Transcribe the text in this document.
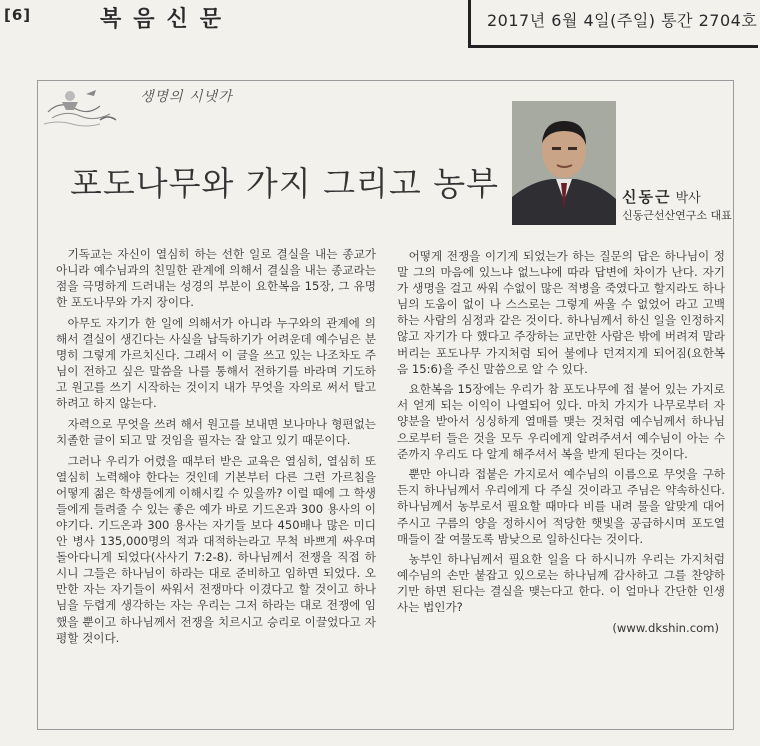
[6]	복음신문	2017년 6월 4일(주일) 통간 2704호
생명의 시냇가
포도나무와 가지 그리고 농부	신동근 박사
신동근선산연구소 대표

기독교는 자신이 열심히 하는 선한 일로 결실을 내는 종교가 아니라 예수님과의 친밀한 관계에 의해서 결실을 내는 종교라는 점을 극명하게 드러내는 성경의 부분이 요한복음 15장, 그 유명한 포도나무와 가지 장이다.

아무도 자기가 한 일에 의해서가 아니라 누구와의 관계에 의해서 결실이 생긴다는 사실을 납득하기가 어려운데 예수님은 분명히 그렇게 가르치신다. 그래서 이 글을 쓰고 있는 나조차도 주님이 전하고 싶은 말씀을 나를 통해서 전하기를 바라며 기도하고 원고를 쓰기 시작하는 것이지 내가 무엇을 자의로 써서 탈고하려고 하지 않는다.

자력으로 무엇을 쓰려 해서 원고를 보내면 보나마나 형편없는 치졸한 글이 되고 말 것임을 필자는 잘 알고 있기 때문이다.

그러나 우리가 어렸을 때부터 받은 교육은 열심히, 열심히 또 열심히 노력해야 한다는 것인데 기본부터 다른 그런 가르침을 어떻게 젊은 학생들에게 이해시킬 수 있을까? 이럴 때에 그 학생들에게 들려줄 수 있는 좋은 예가 바로 기드온과 300 용사의 이야기다. 기드온과 300 용사는 자기들 보다 450배나 많은 미디안 병사 135,000명의 적과 대적하는라고 무척 바쁘게 싸우며 돌아다니게 되었다(사사기 7:2-8). 하나님께서 전쟁을 직접 하시니 그들은 하나님이 하라는 대로 준비하고 임하면 되었다. 오만한 자는 자기들이 싸워서 전쟁마다 이겼다고 할 것이고 하나님을 두렵게 생각하는 자는 우리는 그저 하라는 대로 전쟁에 임했을 뿐이고 하나님께서 전쟁을 치르시고 승리로 이끌었다고 자평할 것이다.

어떻게 전쟁을 이기게 되었는가 하는 질문의 답은 하나님이 정말 그의 마음에 있느냐 없느냐에 따라 답변에 차이가 난다. 자기가 생명을 걸고 싸워 수없이 많은 적병을 죽였다고 할지라도 하나님의 도움이 없이 나 스스로는 그렇게 싸울 수 없었어 라고 고백하는 사람의 심정과 같은 것이다. 하나님께서 하신 일을 인정하지 않고 자기가 다 했다고 주장하는 교만한 사람은 밖에 버려져 말라 버리는 포도나무 가지처럼 되어 불에나 던져지게 되어짐(요한복음 15:6)을 주신 말씀으로 알 수 있다.

요한복음 15장에는 우리가 참 포도나무에 접 붙어 있는 가지로서 얻게 되는 이익이 나열되어 있다. 마치 가지가 나무로부터 자양분을 받아서 싱싱하게 열매를 맺는 것처럼 예수님께서 하나님으로부터 들은 것을 모두 우리에게 알려주셔서 예수님이 아는 수준까지 우리도 다 알게 해주셔서 복을 받게 된다는 것이다.

뿐만 아니라 접붙은 가지로서 예수님의 이름으로 무엇을 구하든지 하나님께서 우리에게 다 주실 것이라고 주님은 약속하신다. 하나님께서 농부로서 필요할 때마다 비를 내려 물을 알맞게 대어주시고 구름의 양을 정하시어 적당한 햇빛을 공급하시며 포도열매들이 잘 여물도록 밤낮으로 일하신다는 것이다.

농부인 하나님께서 필요한 일을 다 하시니까 우리는 가지처럼 예수님의 손만 붙잡고 있으로는 하나님께 감사하고 그를 찬양하기만 하면 된다는 결실을 맺는다고 한다. 이 얼마나 간단한 인생사는 법인가?

(www.dkshin.com)
